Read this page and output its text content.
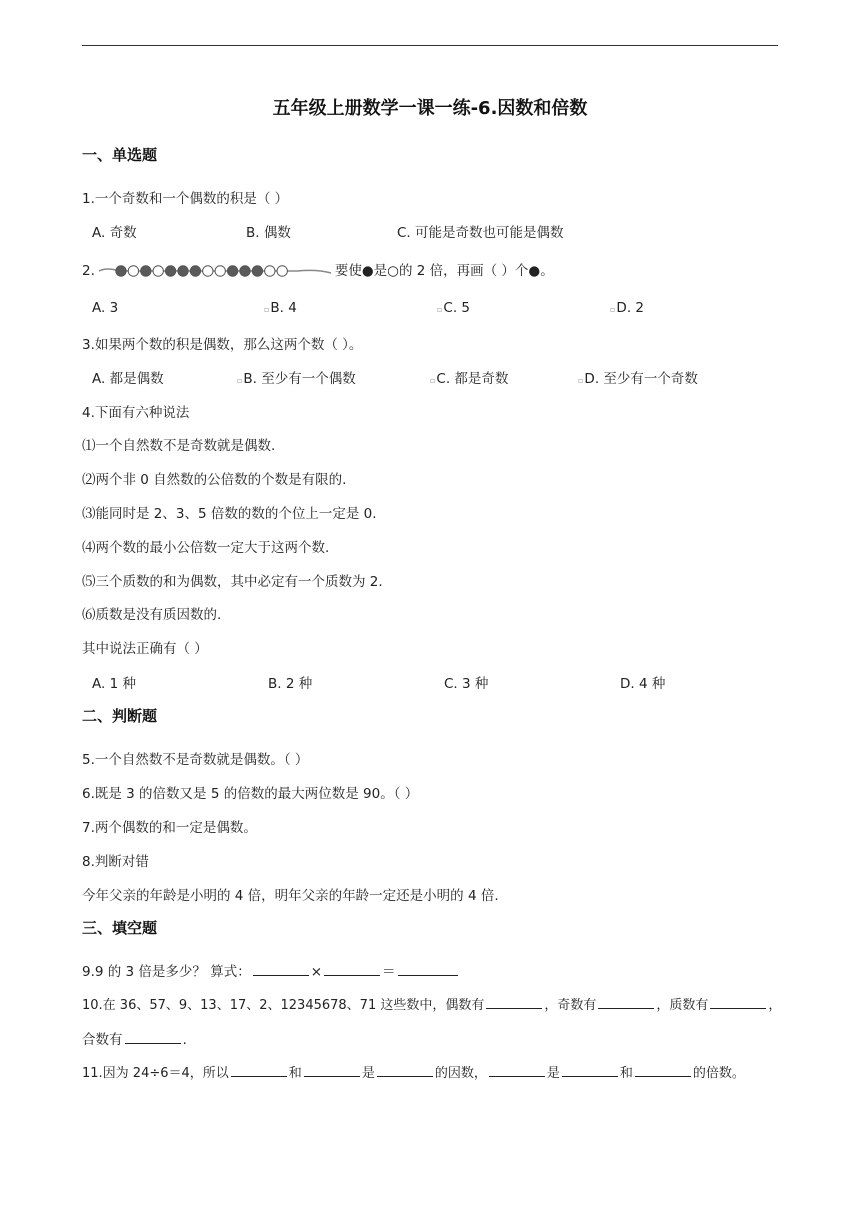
五年级上册数学一课一练-6.因数和倍数
一、单选题
1.一个奇数和一个偶数的积是（ ）
A. 奇数	B. 偶数	C. 可能是奇数也可能是偶数
2.	要使●是○的 2 倍，再画（ ）个●。
A. 3	▫B. 4	▫C. 5	▫D. 2
3.如果两个数的积是偶数，那么这两个数（ ）。
A. 都是偶数	▫B. 至少有一个偶数	▫C. 都是奇数	▫D. 至少有一个奇数
4.下面有六种说法
⑴一个自然数不是奇数就是偶数.
⑵两个非 0 自然数的公倍数的个数是有限的.
⑶能同时是 2、3、5 倍数的数的个位上一定是 0.
⑷两个数的最小公倍数一定大于这两个数.
⑸三个质数的和为偶数，其中必定有一个质数为 2.
⑹质数是没有质因数的.
其中说法正确有（ ）
A. 1 种	B. 2 种	C. 3 种	D. 4 种
二、判断题
5.一个自然数不是奇数就是偶数。（ ）
6.既是 3 的倍数又是 5 的倍数的最大两位数是 90。（ ）
7.两个偶数的和一定是偶数。
8.判断对错
今年父亲的年龄是小明的 4 倍，明年父亲的年龄一定还是小明的 4 倍.
三、填空题
9.9 的 3 倍是多少？ 算式：	×	＝
10.在 36、57、9、13、17、2、12345678、71 这些数中，偶数有	，奇数有	，质数有	，
合数有	.
11.因为 24÷6＝4，所以	和	是	的因数，	是	和	的倍数。
